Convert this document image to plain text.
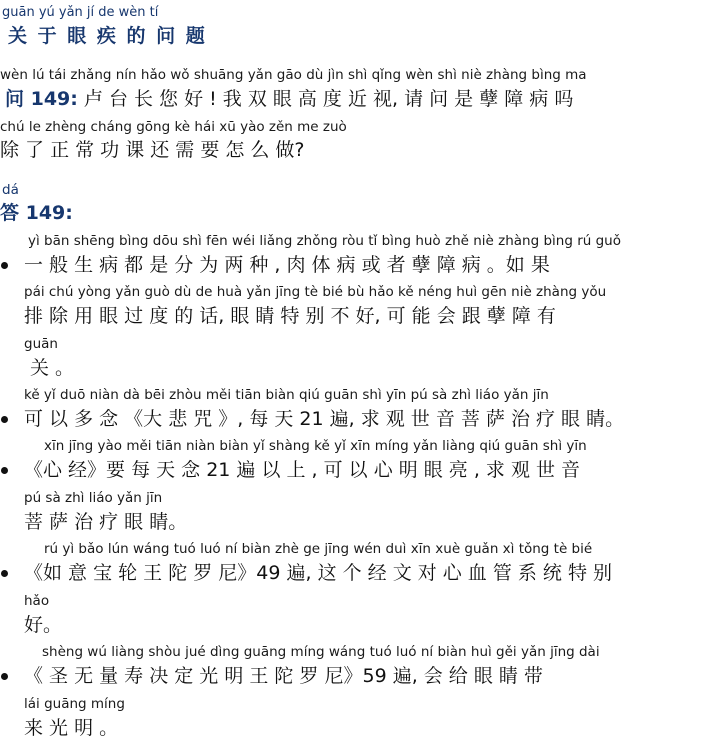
guān yú yǎn jí de wèn tí
关 于 眼 疾 的 问 题
wèn lú tái zhǎng nín hǎo wǒ shuāng yǎn gāo dù jìn shì qǐng wèn shì niè zhàng bìng ma
问 149: 卢 台 长 您 好 ! 我 双 眼 高 度 近 视, 请 问 是 孽 障 病 吗
chú le zhèng cháng gōng kè hái xū yào zěn me zuò
除 了 正 常 功 课 还 需 要 怎 么 做?
dá
答 149:
yì bān shēng bìng dōu shì fēn wéi liǎng zhǒng ròu tǐ bìng huò zhě niè zhàng bìng rú guǒ
一 般 生 病 都 是 分 为 两 种 , 肉 体 病 或 者 孽 障 病 。如 果
pái chú yòng yǎn guò dù de huà yǎn jīng tè bié bù hǎo kě néng huì gēn niè zhàng yǒu
排 除 用 眼 过 度 的 话, 眼 睛 特 别 不 好, 可 能 会 跟 孽 障 有
guān
关 。
kě yǐ duō niàn dà bēi zhòu měi tiān biàn qiú guān shì yīn pú sà zhì liáo yǎn jīn
可 以 多 念 《大 悲 咒 》, 每 天 21 遍, 求 观 世 音 菩 萨 治 疗 眼 睛。
xīn jīng yào měi tiān niàn biàn yǐ shàng kě yǐ xīn míng yǎn liàng qiú guān shì yīn
《心 经》要 每 天 念 21 遍 以 上 , 可 以 心 明 眼 亮 , 求 观 世 音
pú sà zhì liáo yǎn jīn
菩 萨 治 疗 眼 睛。
rú yì bǎo lún wáng tuó luó ní biàn zhè ge jīng wén duì xīn xuè guǎn xì tǒng tè bié
《如 意 宝 轮 王 陀 罗 尼》49 遍, 这 个 经 文 对 心 血 管 系 统 特 别
hǎo
好。
shèng wú liàng shòu jué dìng guāng míng wáng tuó luó ní biàn huì gěi yǎn jīng dài
《 圣 无 量 寿 决 定 光 明 王 陀 罗 尼》59 遍, 会 给 眼 睛 带
lái guāng míng
来 光 明 。
